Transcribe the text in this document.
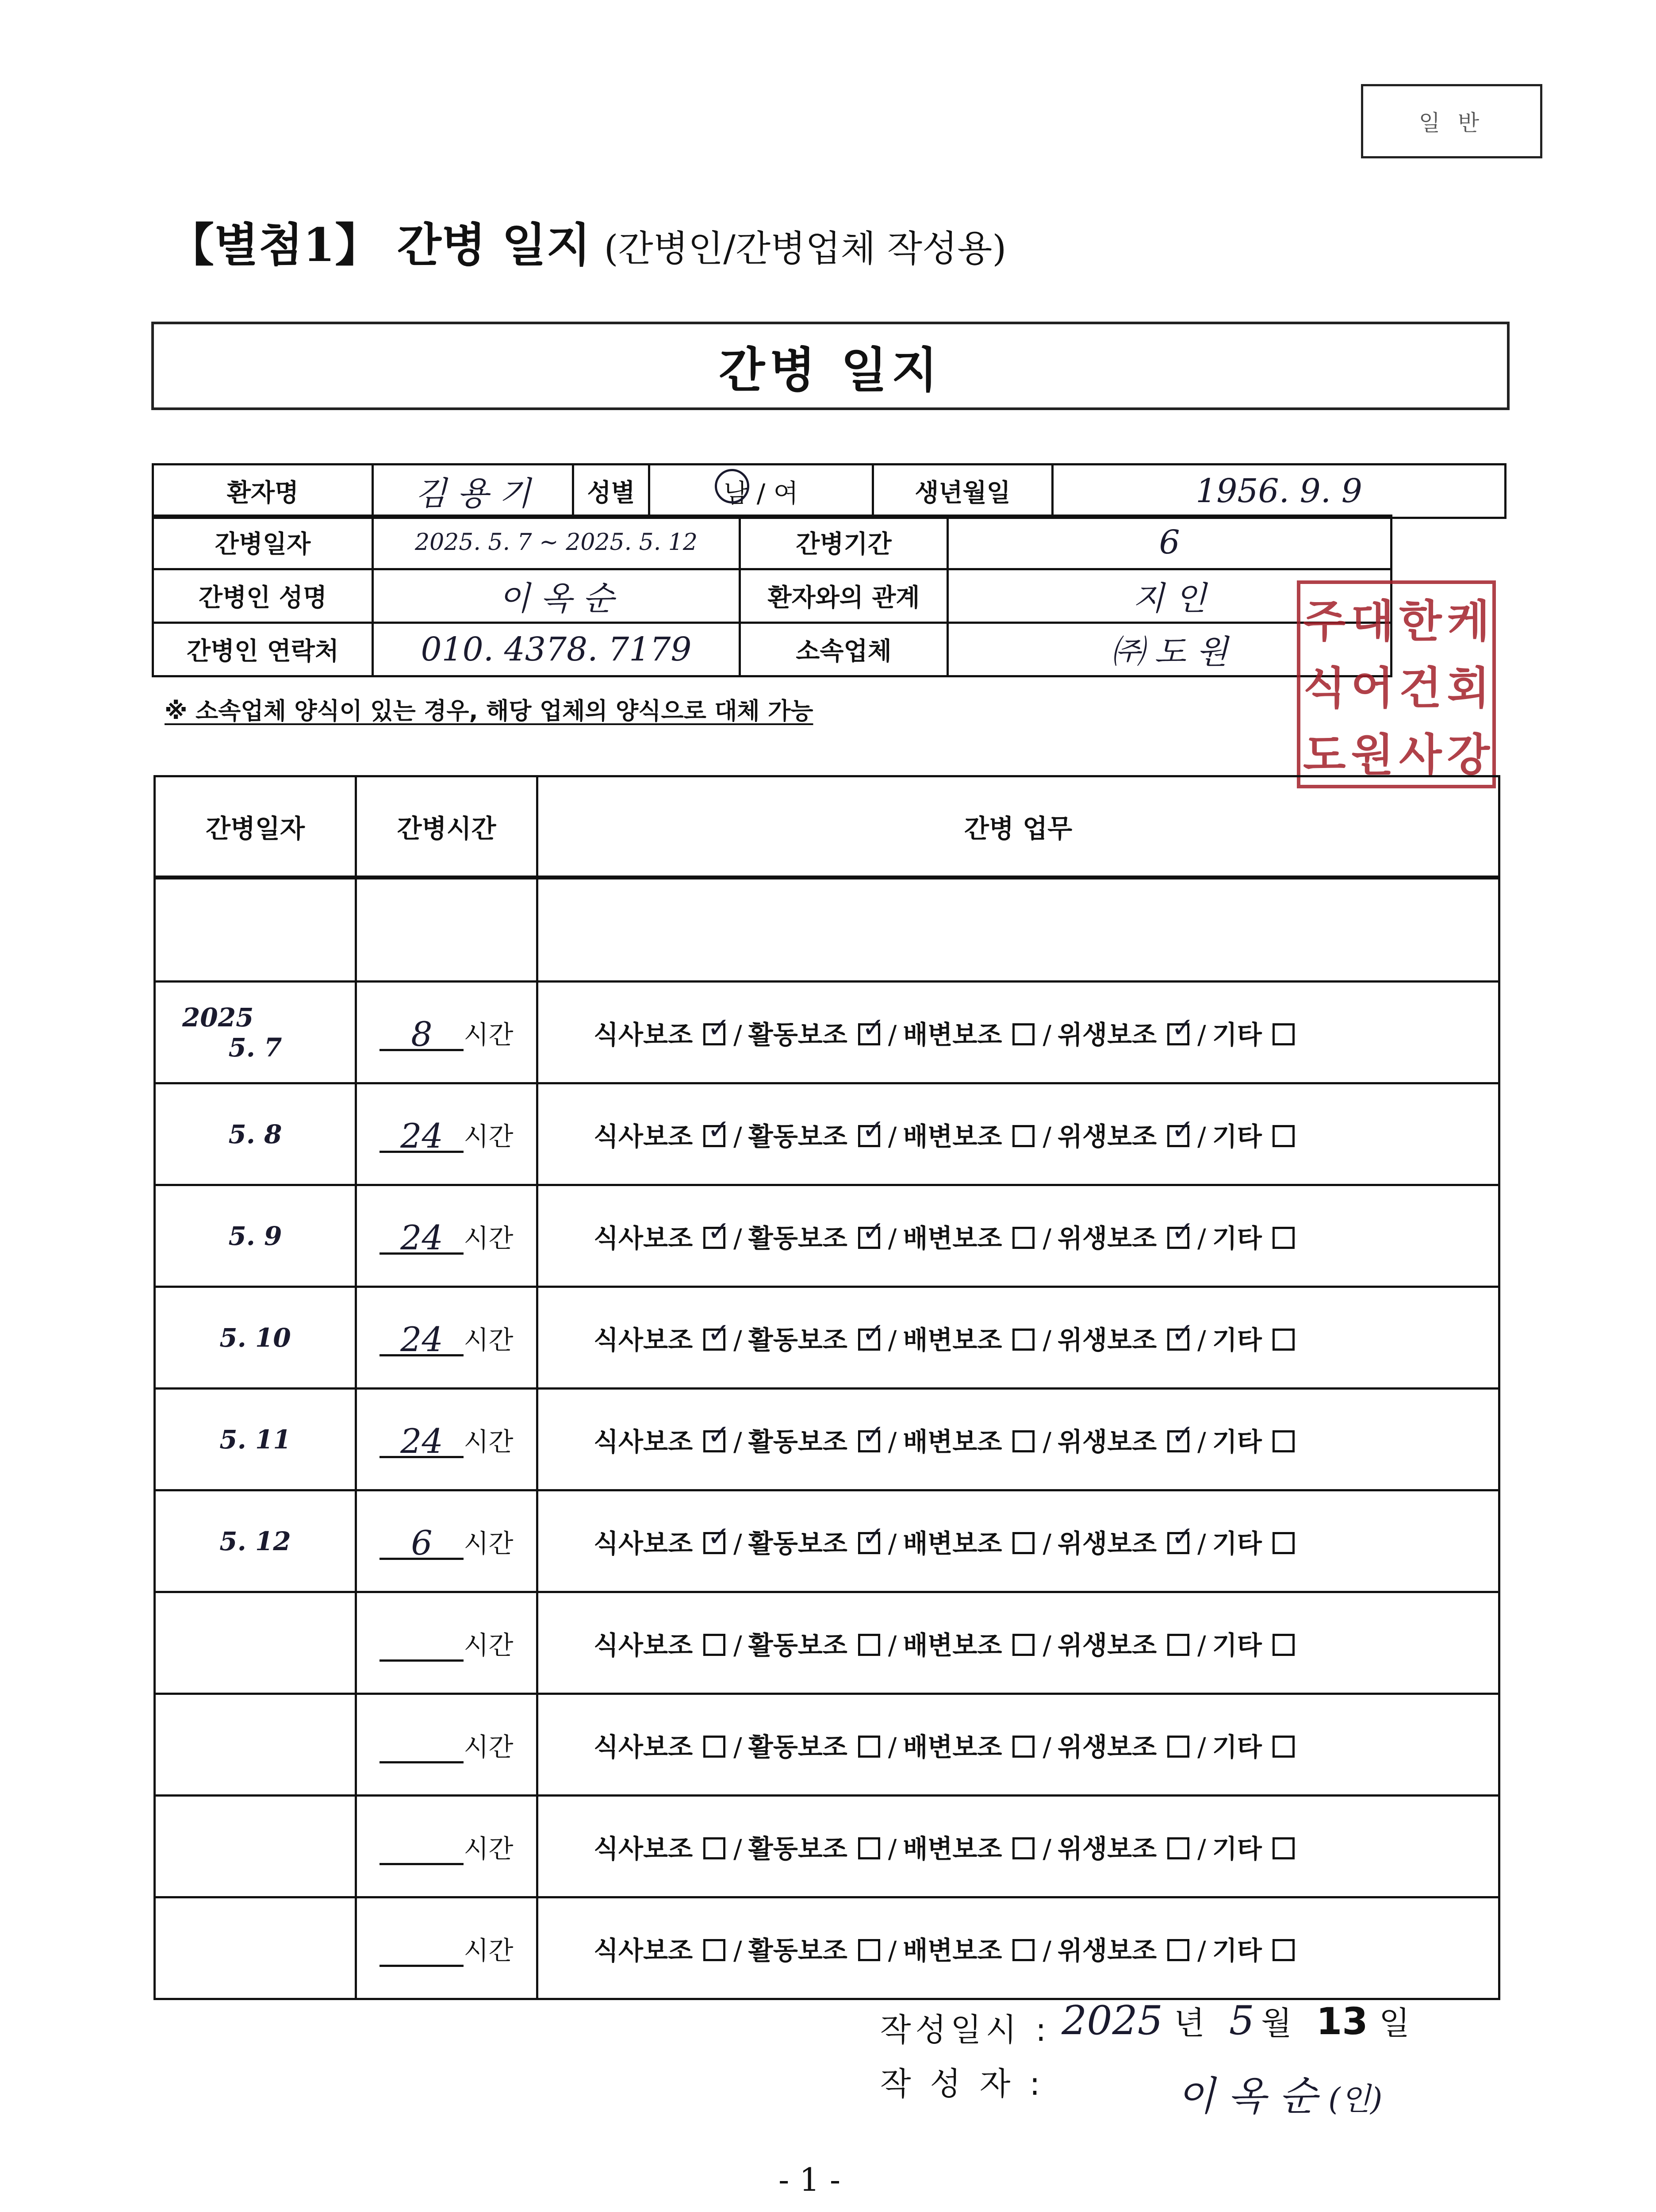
일 반
【별첨1】 간병 일지 (간병인/간병업체 작성용)
간병 일지
환자명	김 용 기	성별	남 / 여	생년월일	1956. 9. 9
간병일자	2025. 5. 7 ~ 2025. 5. 12	간병기간	6
간병인 성명	이 옥 순	환자와의 관계	지 인
간병인 연락처	010. 4378. 7179	소속업체	㈜ 도 원
※ 소속업체 양식이 있는 경우, 해당 업체의 양식으로 대체 가능
주 대 한 케
식 어 건 회
도 원 사 강
간병일자	간병시간	간병 업무

2025
5. 7	8 시간	식사보조 ✓ / 활동보조 ✓ / 배변보조 / 위생보조 ✓ / 기타

5. 8	24 시간	식사보조 ✓ / 활동보조 ✓ / 배변보조 / 위생보조 ✓ / 기타

5. 9	24 시간	식사보조 ✓ / 활동보조 ✓ / 배변보조 / 위생보조 ✓ / 기타

5. 10	24 시간	식사보조 ✓ / 활동보조 ✓ / 배변보조 / 위생보조 ✓ / 기타

5. 11	24 시간	식사보조 ✓ / 활동보조 ✓ / 배변보조 / 위생보조 ✓ / 기타

5. 12	6 시간	식사보조 ✓ / 활동보조 ✓ / 배변보조 / 위생보조 ✓ / 기타

	시간	식사보조 / 활동보조 / 배변보조 / 위생보조 / 기타

	시간	식사보조 / 활동보조 / 배변보조 / 위생보조 / 기타

	시간	식사보조 / 활동보조 / 배변보조 / 위생보조 / 기타

	시간	식사보조 / 활동보조 / 배변보조 / 위생보조 / 기타
작성일시 : 2025 년 5 월 13 일
작 성 자 :	이 옥 순 (인)
- 1 -
